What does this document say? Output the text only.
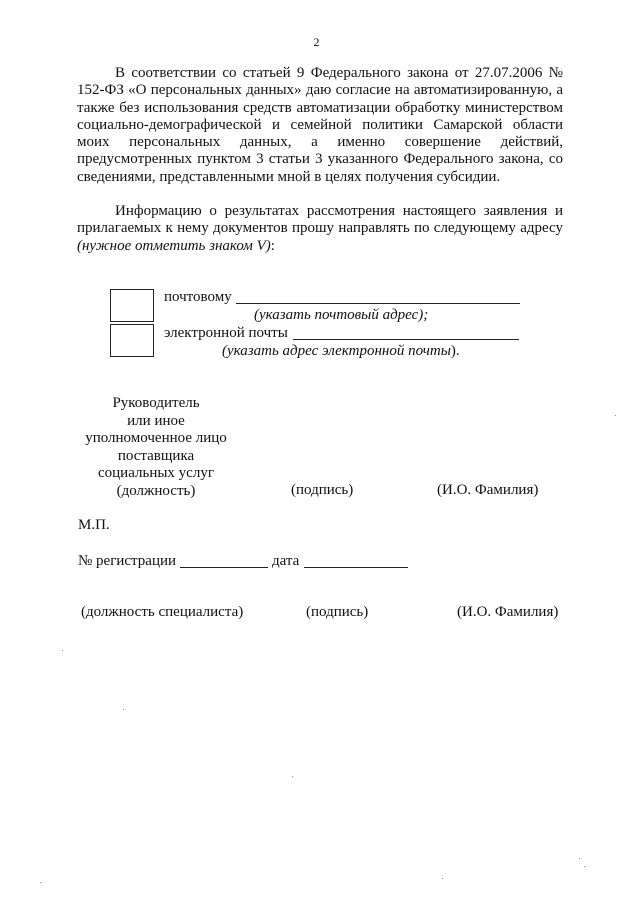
2

В соответствии со статьей 9 Федерального закона от 27.07.2006 № 152-ФЗ «О персональных данных» даю согласие на автоматизированную, а также без использования средств автоматизации обработку министерством социально-демографической и семейной политики Самарской области моих персональных данных, а именно совершение действий, предусмотренных пунктом 3 статьи 3 указанного Федерального закона, со сведениями, представленными мной в целях получения субсидии.

Информацию о результатах рассмотрения настоящего заявления и прилагаемых к нему документов прошу направлять по следующему адресу (нужное отметить знаком V):

почтовому
(указать почтовый адрес);
электронной почты
(указать адрес электронной почты).
Руководитель
или иное
уполномоченное лицо
поставщика
социальных услуг
(должность)	(подпись)	(И.О. Фамилия)
М.П.
№ регистрации	дата
(должность специалиста)	(подпись)	(И.О. Фамилия)
